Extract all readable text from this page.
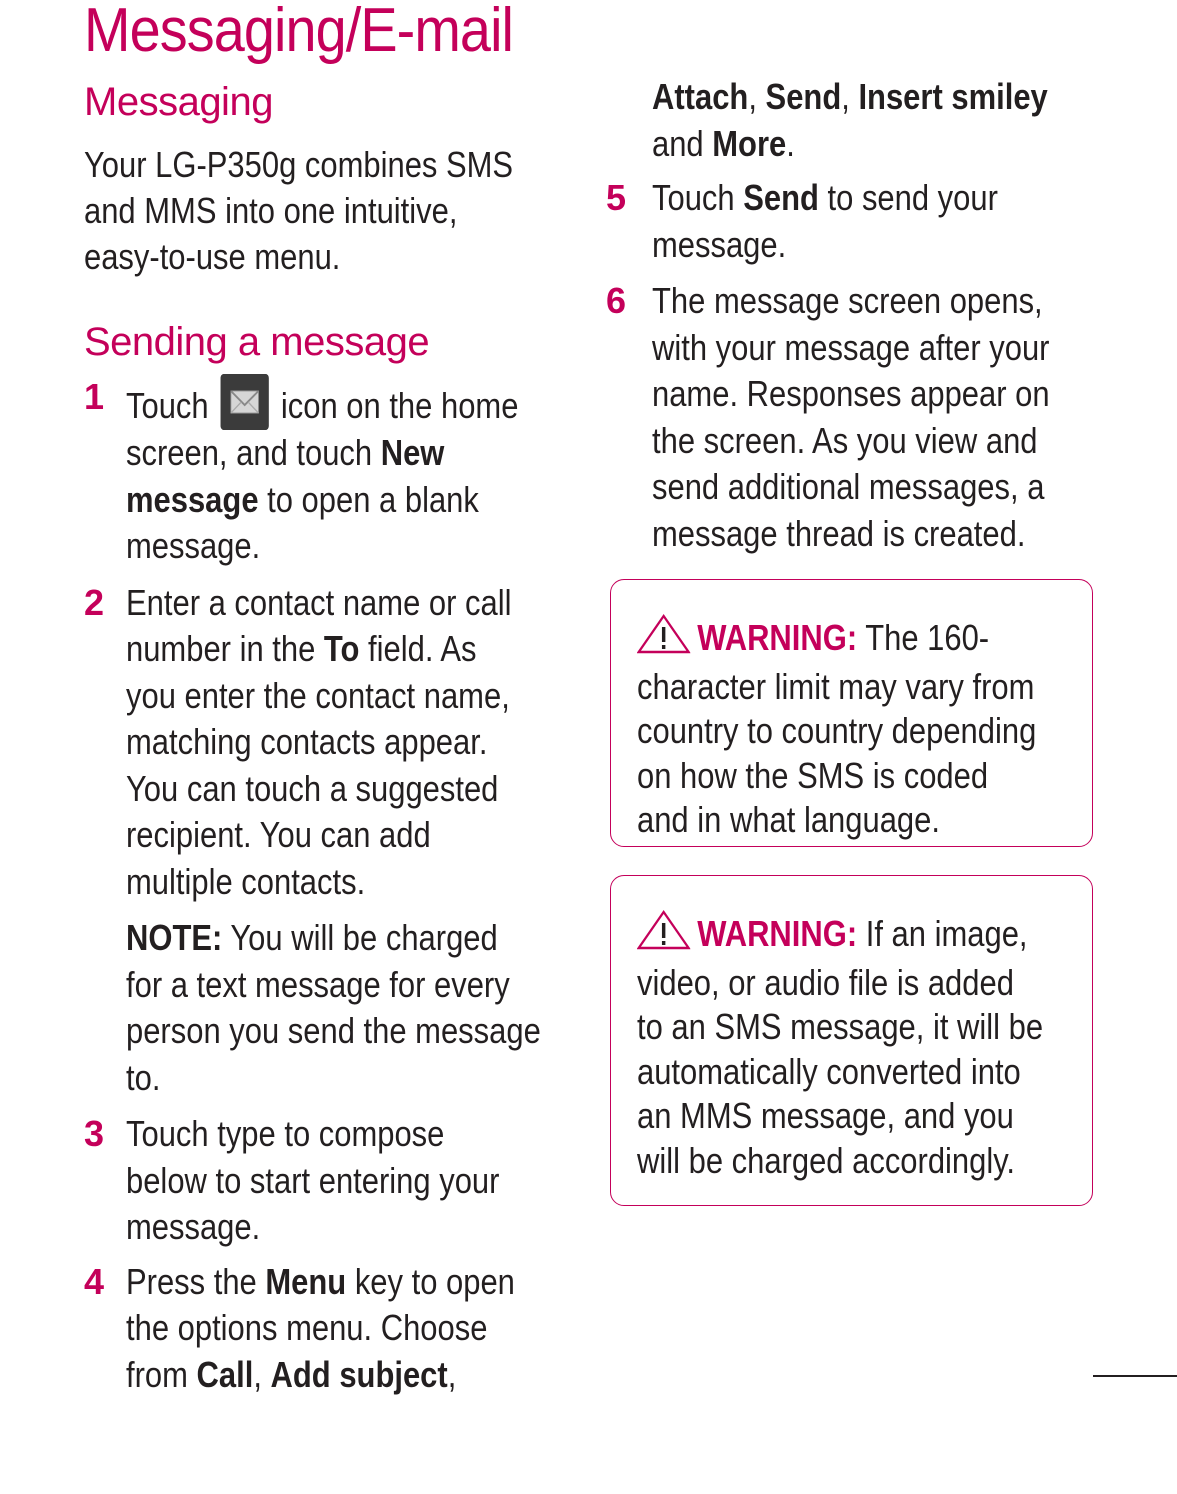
Messaging/E-mail
Messaging
Your LG-P350g combines SMS
and MMS into one intuitive,
easy-to-use menu.
Sending a message
1 Touch icon on the home
screen, and touch New
message to open a blank
message.
2 Enter a contact name or call
number in the To field. As
you enter the contact name,
matching contacts appear.
You can touch a suggested
recipient. You can add
multiple contacts.
NOTE: You will be charged
for a text message for every
person you send the message
to.
3 Touch type to compose
below to start entering your
message.
4 Press the Menu key to open
the options menu. Choose
from Call, Add subject,
Attach, Send, Insert smiley
and More.
5 Touch Send to send your
message.
6 The message screen opens,
with your message after your
name. Responses appear on
the screen. As you view and
send additional messages, a
message thread is created.
WARNING: The 160-
character limit may vary from
country to country depending
on how the SMS is coded
and in what language.
WARNING: If an image,
video, or audio file is added
to an SMS message, it will be
automatically converted into
an MMS message, and you
will be charged accordingly.
